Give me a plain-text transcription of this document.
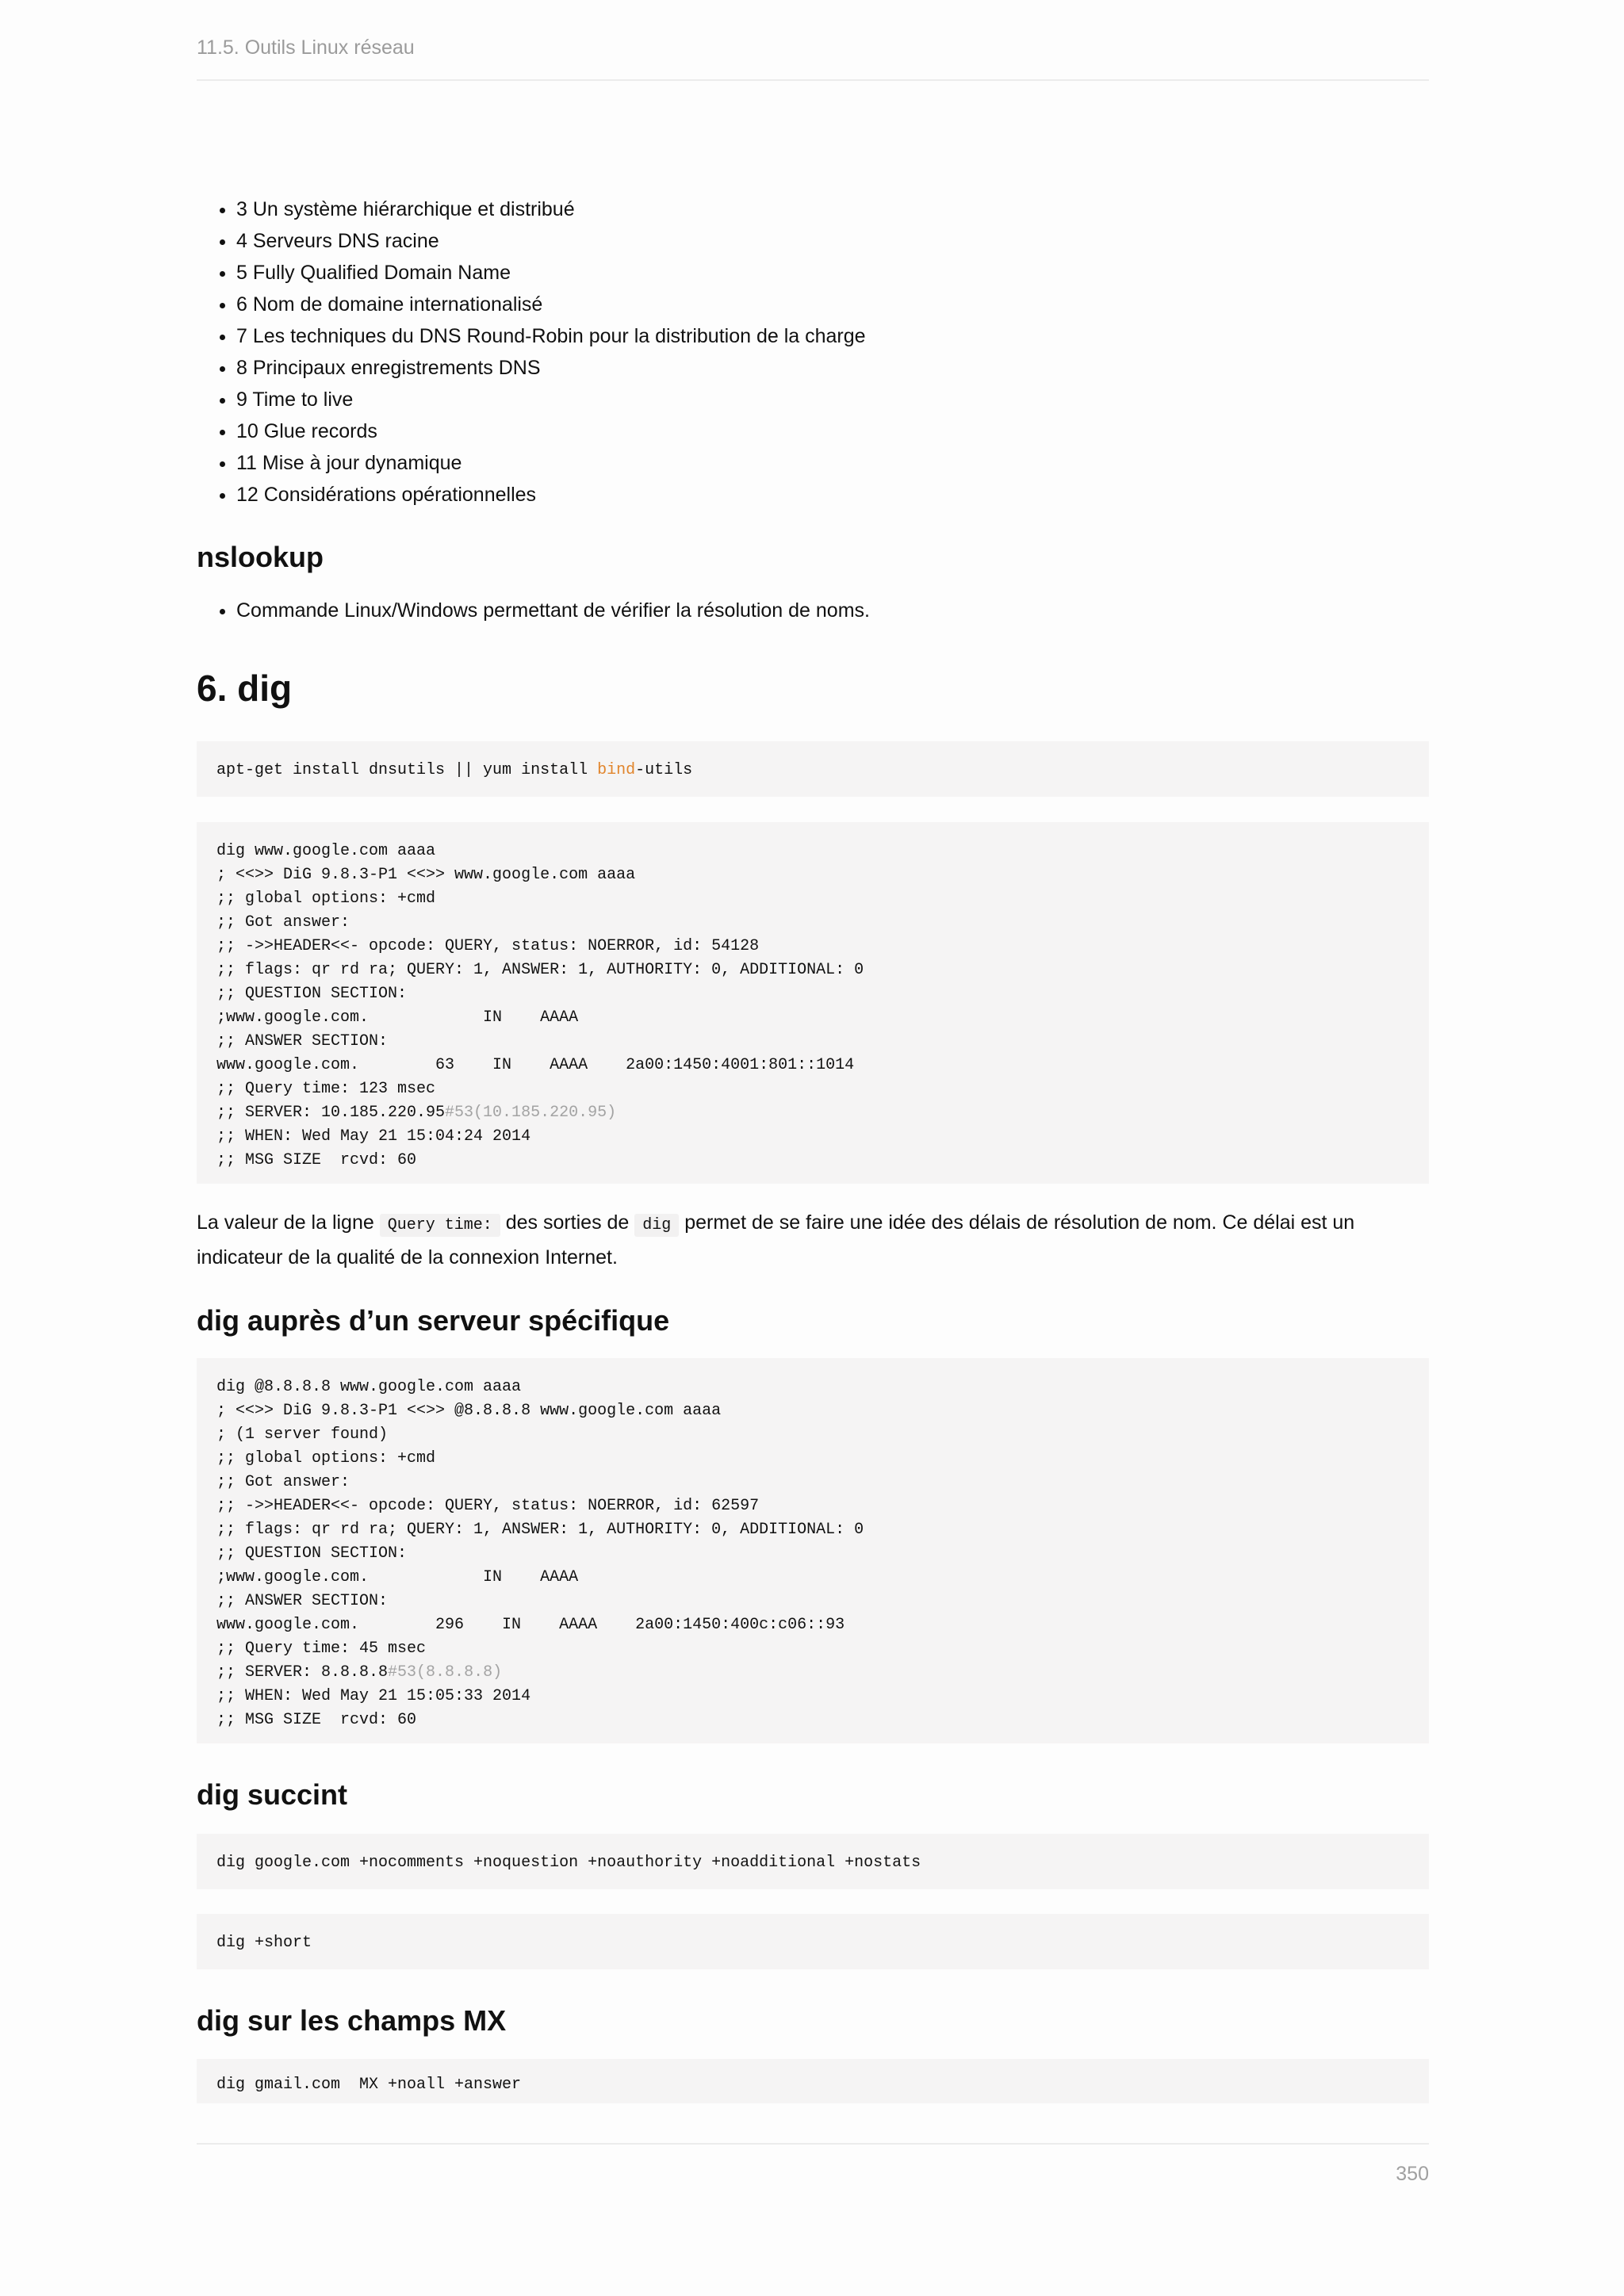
11.5. Outils Linux réseau
• 3 Un système hiérarchique et distribué
• 4 Serveurs DNS racine
• 5 Fully Qualified Domain Name
• 6 Nom de domaine internationalisé
• 7 Les techniques du DNS Round-Robin pour la distribution de la charge
• 8 Principaux enregistrements DNS
• 9 Time to live
• 10 Glue records
• 11 Mise à jour dynamique
• 12 Considérations opérationnelles
nslookup
• Commande Linux/Windows permettant de vérifier la résolution de noms.
6. dig
apt-get install dnsutils || yum install bind-utils
dig www.google.com aaaa
; <<>> DiG 9.8.3-P1 <<>> www.google.com aaaa
;; global options: +cmd
;; Got answer:
;; ->>HEADER<<- opcode: QUERY, status: NOERROR, id: 54128
;; flags: qr rd ra; QUERY: 1, ANSWER: 1, AUTHORITY: 0, ADDITIONAL: 0
;; QUESTION SECTION:
;www.google.com.            IN    AAAA
;; ANSWER SECTION:
www.google.com.        63    IN    AAAA    2a00:1450:4001:801::1014
;; Query time: 123 msec
;; SERVER: 10.185.220.95#53(10.185.220.95)
;; WHEN: Wed May 21 15:04:24 2014
;; MSG SIZE  rcvd: 60

La valeur de la ligne Query time: des sorties de dig permet de se faire une idée des délais de résolution de nom. Ce délai est un indicateur de la qualité de la connexion Internet.

dig auprès d’un serveur spécifique
dig @8.8.8.8 www.google.com aaaa
; <<>> DiG 9.8.3-P1 <<>> @8.8.8.8 www.google.com aaaa
; (1 server found)
;; global options: +cmd
;; Got answer:
;; ->>HEADER<<- opcode: QUERY, status: NOERROR, id: 62597
;; flags: qr rd ra; QUERY: 1, ANSWER: 1, AUTHORITY: 0, ADDITIONAL: 0
;; QUESTION SECTION:
;www.google.com.            IN    AAAA
;; ANSWER SECTION:
www.google.com.        296    IN    AAAA    2a00:1450:400c:c06::93
;; Query time: 45 msec
;; SERVER: 8.8.8.8#53(8.8.8.8)
;; WHEN: Wed May 21 15:05:33 2014
;; MSG SIZE  rcvd: 60
dig succint
dig google.com +nocomments +noquestion +noauthority +noadditional +nostats
dig +short
dig sur les champs MX
dig gmail.com  MX +noall +answer
350
